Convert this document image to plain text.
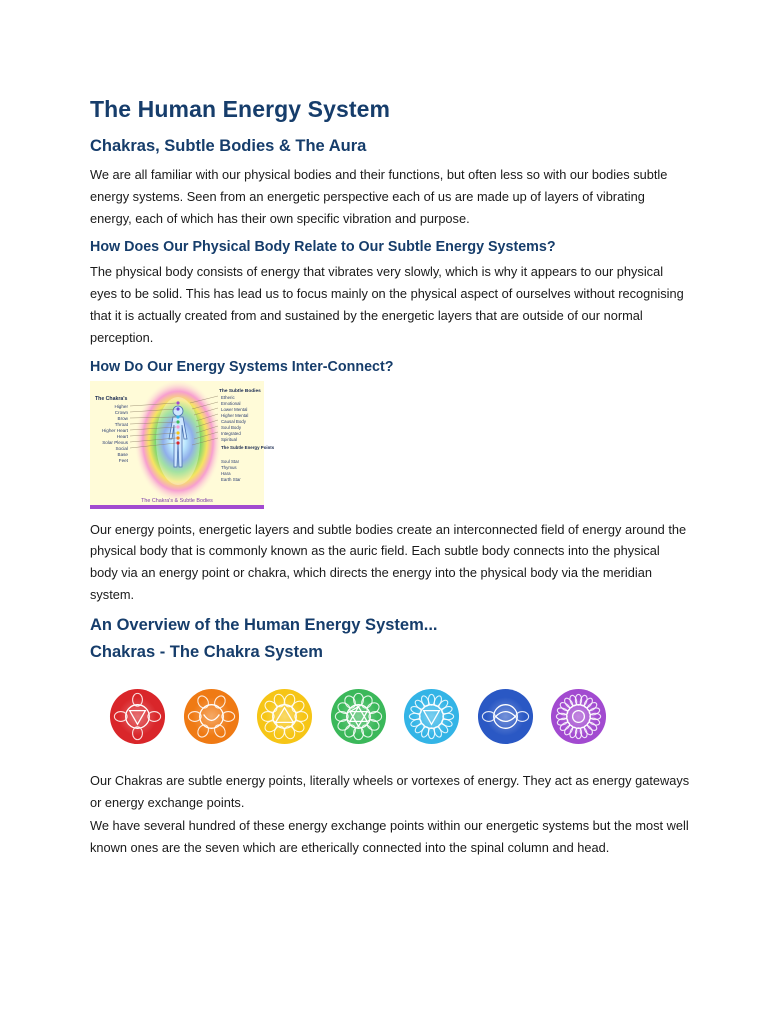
The Human Energy System
Chakras, Subtle Bodies & The Aura

We are all familiar with our physical bodies and their functions, but often less so with our bodies subtle energy systems. Seen from an energetic perspective each of us are made up of layers of vibrating energy, each of which has their own specific vibration and purpose.

How Does Our Physical Body Relate to Our Subtle Energy Systems?

The physical body consists of energy that vibrates very slowly, which is why it appears to our physical eyes to be solid. This has lead us to focus mainly on the physical aspect of ourselves without recognising that it is actually created from and sustained by the energetic layers that are outside of our normal perception.

How Do Our Energy Systems Inter-Connect?
The Chakra's
Higher
Crown
Brow
Throat
Higher Heart
Heart
Solar Plexus
Social
Base
Feet
The Subtle Bodies
Etheric
Emotional
Lower Mental
Higher Mental
Causal Body
Soul Body
Integrated
Spiritual
The Subtle Energy Points
Soul Star
Thymus
Hara
Earth Star
The Chakra's & Subtle Bodies

Our energy points, energetic layers and subtle bodies create an interconnected field of energy around the physical body that is commonly known as the auric field. Each subtle body connects into the physical body via an energy point or chakra, which directs the energy into the physical body via the meridian system.

An Overview of the Human Energy System...
Chakras - The Chakra System

Our Chakras are subtle energy points, literally wheels or vortexes of energy. They act as energy gateways or energy exchange points.

We have several hundred of these energy exchange points within our energetic systems but the most well known ones are the seven which are etherically connected into the spinal column and head.
